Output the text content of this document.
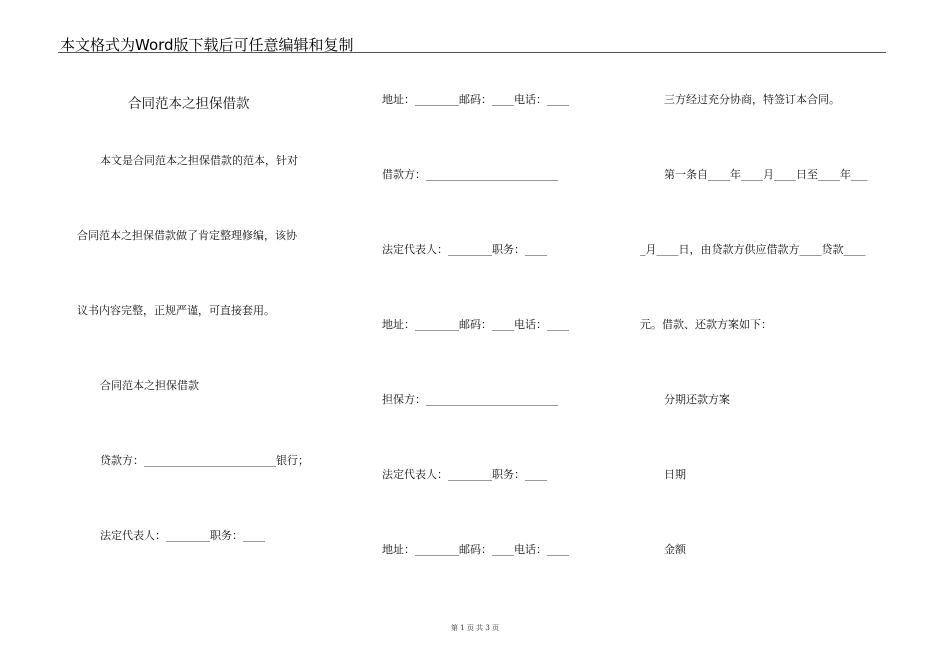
本文格式为Word版下载后可任意编辑和复制
合同范本之担保借款
本文是合同范本之担保借款的范本，针对
合同范本之担保借款做了肯定整理修编，该协
议书内容完整，正规严谨，可直接套用。
合同范本之担保借款
贷款方：________________________银行；
法定代表人：________职务：____
地址：________邮码：____电话：____
借款方：________________________
法定代表人：________职务：____
地址：________邮码：____电话：____
担保方：________________________
法定代表人：________职务：____
地址：________邮码：____电话：____
三方经过充分协商，特签订本合同。
第一条自____年____月____日至____年___
_月____日，由贷款方供应借款方____贷款____
元。借款、还款方案如下：
分期还款方案
日期
金额
第 1 页 共 3 页
